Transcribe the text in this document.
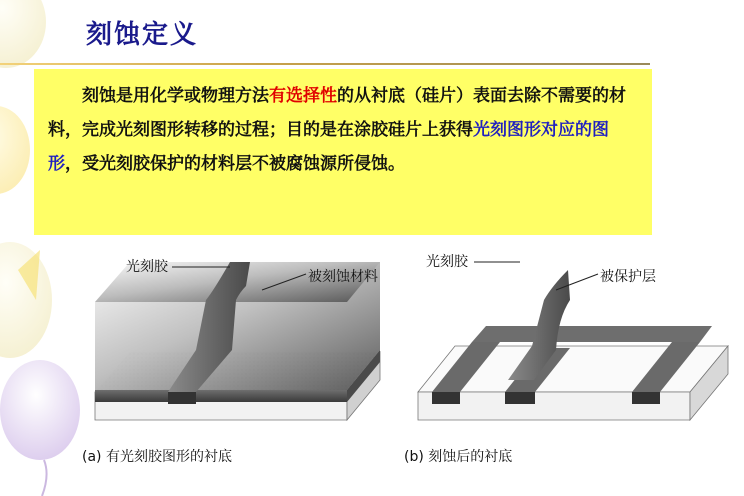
刻蚀定义
刻蚀是用化学或物理方法有选择性的从衬底（硅片）表面去除不需要的材料，完成光刻图形转移的过程；目的是在涂胶硅片上获得光刻图形对应的图形，受光刻胶保护的材料层不被腐蚀源所侵蚀。
光刻胶
被刻蚀材料
(a) 有光刻胶图形的衬底
光刻胶
被保护层
(b) 刻蚀后的衬底
